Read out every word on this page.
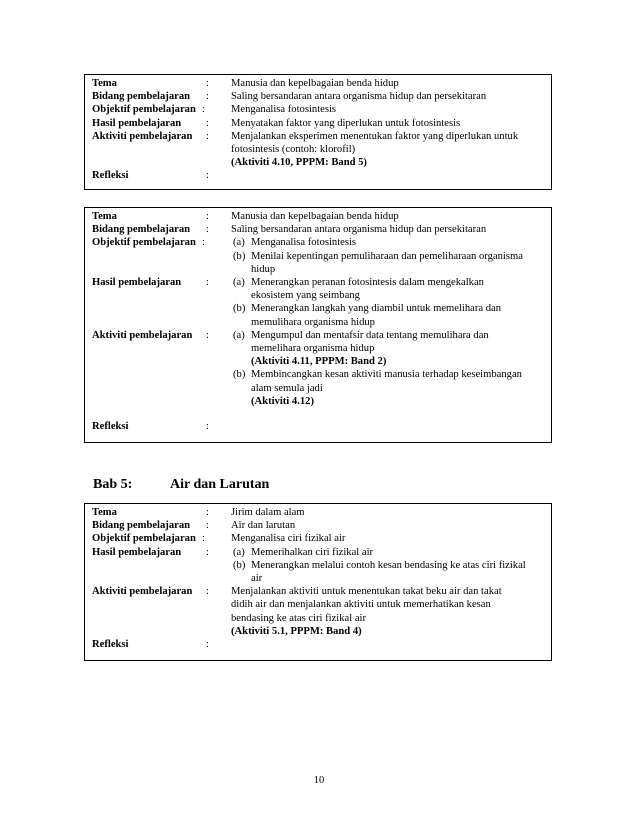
Tema	: Manusia dan kepelbagaian benda hidup
Bidang pembelajaran : Saling bersandaran antara organisma hidup dan persekitaran
Objektif pembelajaran : Menganalisa fotosintesis
Hasil pembelajaran : Menyatakan faktor yang diperlukan untuk fotosintesis
Aktiviti pembelajaran : Menjalankan eksperimen menentukan faktor yang diperlukan untuk
fotosintesis (contoh: klorofil)
(Aktiviti 4.10, PPPM: Band 5)
Refleksi	:
Tema	: Manusia dan kepelbagaian benda hidup
Bidang pembelajaran : Saling bersandaran antara organisma hidup dan persekitaran
Objektif pembelajaran :	(a) Menganalisa fotosintesis
(b) Menilai kepentingan pemuliharaan dan pemeliharaan organisma
hidup
Hasil pembelajaran : (a) Menerangkan peranan fotosintesis dalam mengekalkan
ekosistem yang seimbang
(b) Menerangkan langkah yang diambil untuk memelihara dan
memulihara organisma hidup
Aktiviti pembelajaran : (a) Mengumpul dan mentafsir data tentang memulihara dan
memelihara organisma hidup
(Aktiviti 4.11, PPPM: Band 2)
(b) Membincangkan kesan aktiviti manusia terhadap keseimbangan
alam semula jadi
(Aktiviti 4.12)
Refleksi	:
Bab 5:	Air dan Larutan
Tema	: Jirim dalam alam
Bidang pembelajaran : Air dan larutan
Objektif pembelajaran : Menganalisa ciri fizikal air
Hasil pembelajaran : (a) Memerihalkan ciri fizikal air
(b) Menerangkan melalui contoh kesan bendasing ke atas ciri fizikal
air
Aktiviti pembelajaran : Menjalankan aktiviti untuk menentukan takat beku air dan takat
didih air dan menjalankan aktiviti untuk memerhatikan kesan
bendasing ke atas ciri fizikal air
(Aktiviti 5.1, PPPM: Band 4)
Refleksi	:
10
